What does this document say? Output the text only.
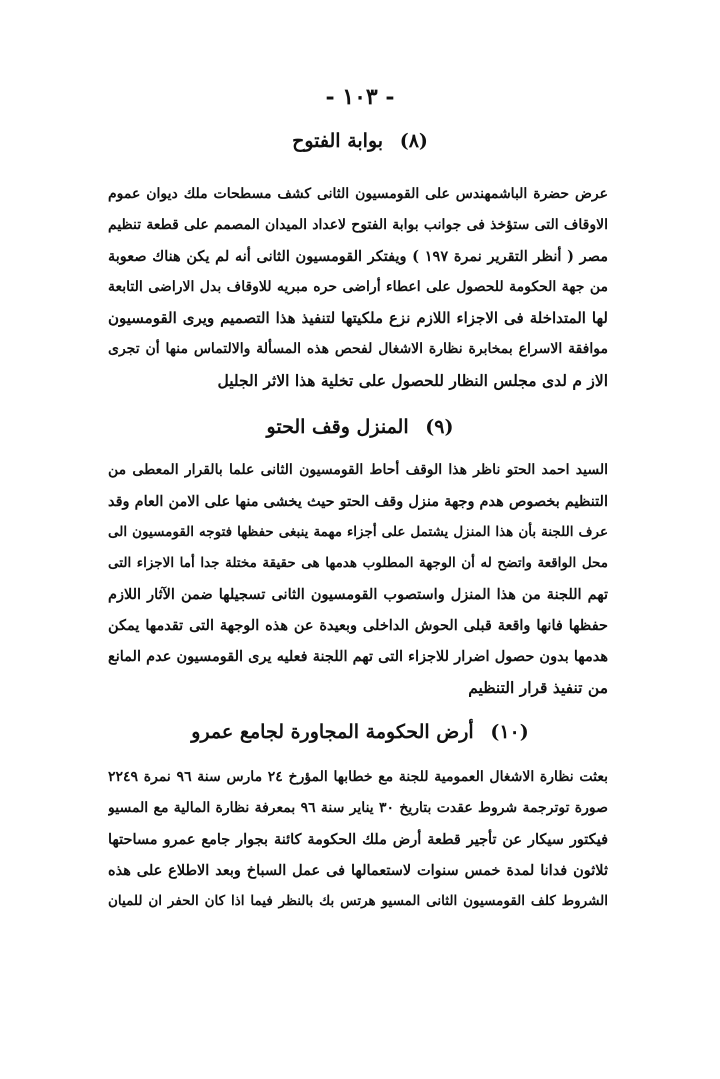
- ١٠٣ -
(٨) بوابة الفتوح
عرض حضرة الباشمهندس على القومسيون الثانى كشف مسطحات ملك ديوان عموم
الاوقاف التى ستؤخذ فى جوانب بوابة الفتوح لاعداد الميدان المصمم على قطعة تنظيم
مصر ( أنظر التقرير نمرة ١٩٧ ) ويفتكر القومسيون الثانى أنه لم يكن هناك صعوبة
من جهة الحكومة للحصول على اعطاء أراضى حره مبريه للاوقاف بدل الاراضى التابعة
لها المتداخلة فى الاجزاء اللازم نزع ملكيتها لتنفيذ هذا التصميم ويرى القومسيون
موافقة الاسراع بمخابرة نظارة الاشغال لفحص هذه المسألة والالتماس منها أن تجرى
الاز م لدى مجلس النظار للحصول على تخلية هذا الاثر الجليل
(٩) المنزل وقف الحتو
السيد احمد الحتو ناظر هذا الوقف أحاط القومسيون الثانى علما بالقرار المعطى من
التنظيم بخصوص هدم وجهة منزل وقف الحتو حيث يخشى منها على الامن العام وقد
عرف اللجنة بأن هذا المنزل يشتمل على أجزاء مهمة ينبغى حفظها فتوجه القومسيون الى
محل الواقعة واتضح له أن الوجهة المطلوب هدمها هى حقيقة مختلة جدا أما الاجزاء التى
تهم اللجنة من هذا المنزل واستصوب القومسيون الثانى تسجيلها ضمن الآثار اللازم
حفظها فانها واقعة قبلى الحوش الداخلى وبعيدة عن هذه الوجهة التى تقدمها يمكن
هدمها بدون حصول اضرار للاجزاء التى تهم اللجنة فعليه يرى القومسيون عدم المانع
من تنفيذ قرار التنظيم
(١٠) أرض الحكومة المجاورة لجامع عمرو
بعثت نظارة الاشغال العمومية للجنة مع خطابها المؤرخ ٢٤ مارس سنة ٩٦ نمرة ٢٢٤٩
صورة توترجمة شروط عقدت بتاريخ ٣٠ يناير سنة ٩٦ بمعرفة نظارة المالية مع المسيو
فيكتور سيكار عن تأجير قطعة أرض ملك الحكومة كائنة بجوار جامع عمرو مساحتها
ثلاثون فدانا لمدة خمس سنوات لاستعمالها فى عمل السباخ وبعد الاطلاع على هذه
الشروط كلف القومسيون الثانى المسيو هرتس بك بالنظر فيما اذا كان الحفر ان للميان
